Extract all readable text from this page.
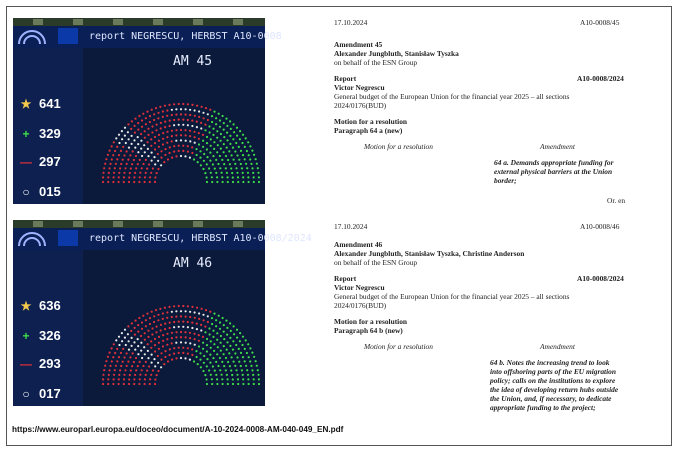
report NEGRESCU, HERBST A10-0008
★ 641
+ 329
— 297
○ 015
AM 45
report NEGRESCU, HERBST A10-0008/2024
★ 636
+ 326
— 293
○ 017
AM 46
17.10.2024	A10-0008/45
Amendment 45
Alexander Jungbluth, Stanisław Tyszka
on behalf of the ESN Group
Report	A10-0008/2024
Victor Negrescu
General budget of the European Union for the financial year 2025 – all sections
2024/0176(BUD)
Motion for a resolution
Paragraph 64 a (new)
Motion for a resolution	Amendment
64 a. Demands appropriate funding for
external physical barriers at the Union
border;
Or. en
17.10.2024	A10-0008/46
Amendment 46
Alexander Jungbluth, Stanisław Tyszka, Christine Anderson
on behalf of the ESN Group
Report	A10-0008/2024
Victor Negrescu
General budget of the European Union for the financial year 2025 – all sections
2024/0176(BUD)
Motion for a resolution
Paragraph 64 b (new)
Motion for a resolution	Amendment
64 b. Notes the increasing trend to look
into offshoring parts of the EU migration
policy; calls on the institutions to explore
the idea of developing return hubs outside
the Union, and, if necessary, to dedicate
appropriate funding to the project;
https://www.europarl.europa.eu/doceo/document/A-10-2024-0008-AM-040-049_EN.pdf
